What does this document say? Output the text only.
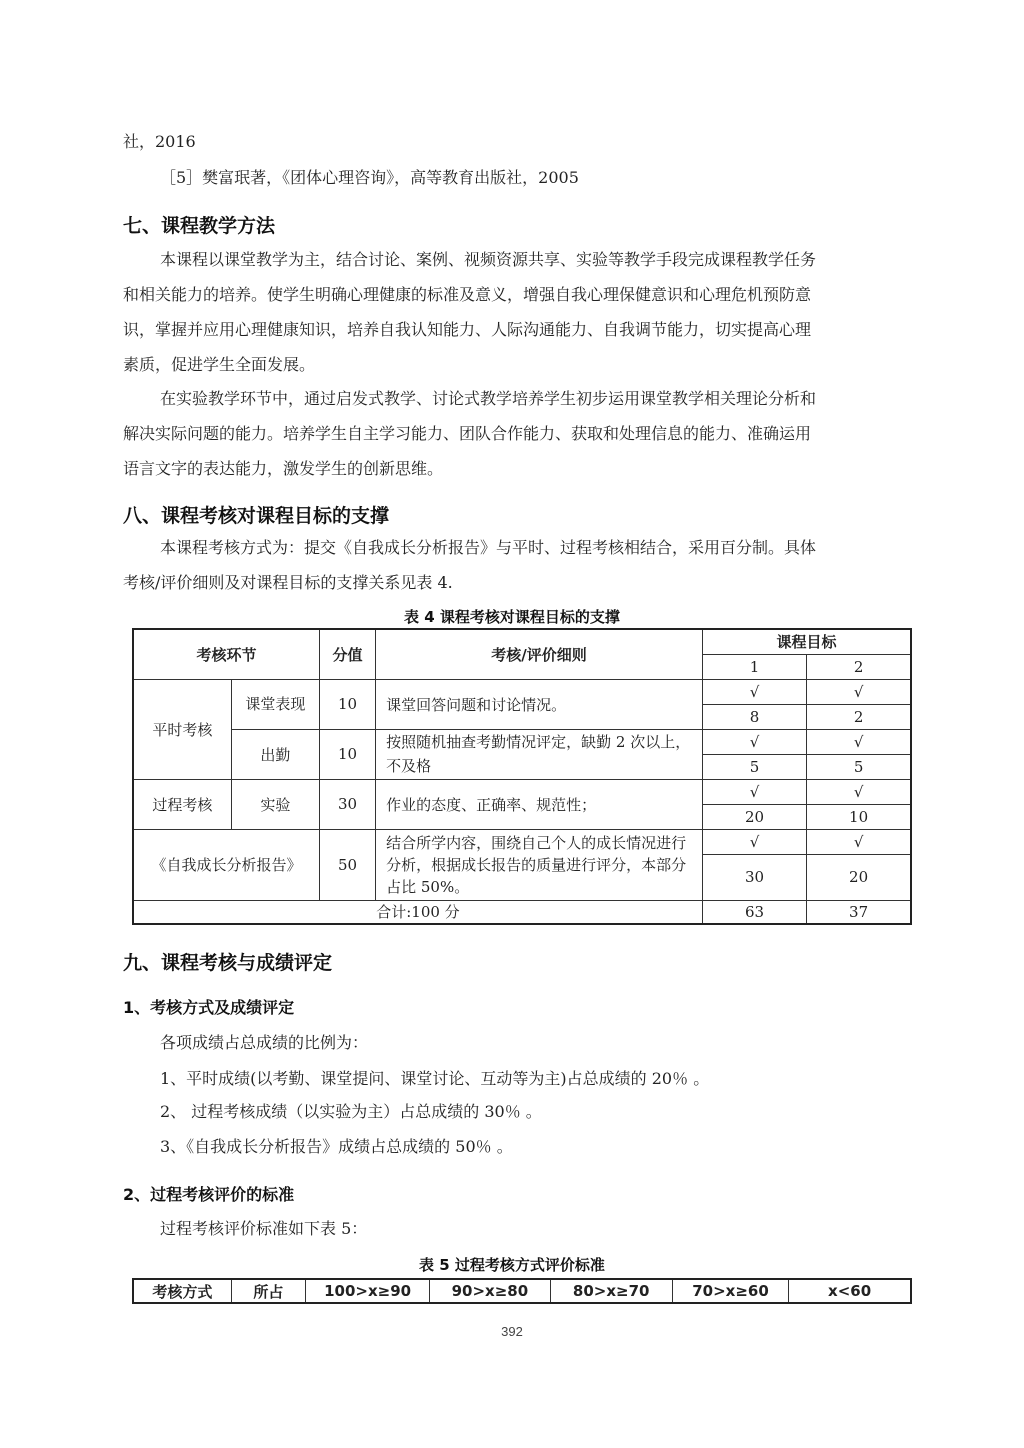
社，2016
［5］樊富珉著，《团体心理咨询》，高等教育出版社，2005
七、课程教学方法
本课程以课堂教学为主，结合讨论、案例、视频资源共享、实验等教学手段完成课程教学任务
和相关能力的培养。使学生明确心理健康的标准及意义，增强自我心理保健意识和心理危机预防意
识，掌握并应用心理健康知识，培养自我认知能力、人际沟通能力、自我调节能力，切实提高心理
素质，促进学生全面发展。
在实验教学环节中，通过启发式教学、讨论式教学培养学生初步运用课堂教学相关理论分析和
解决实际问题的能力。培养学生自主学习能力、团队合作能力、获取和处理信息的能力、准确运用
语言文字的表达能力，激发学生的创新思维。
八、课程考核对课程目标的支撑
本课程考核方式为：提交《自我成长分析报告》与平时、过程考核相结合，采用百分制。具体
考核/评价细则及对课程目标的支撑关系见表 4.
表 4 课程考核对课程目标的支撑
考核环节		分值	考核/评价细则	课程目标	
				1	2
平时考核	课堂表现	10	课堂回答问题和讨论情况。	√	√
				8	2
	出勤	10	按照随机抽查考勤情况评定，缺勤 2 次以上，不及格	√	√
				5	5
过程考核	实验	30	作业的态度、正确率、规范性；	√	√
				20	10
《自我成长分析报告》		50	结合所学内容，围绕自己个人的成长情况进行分析，根据成长报告的质量进行评分，本部分占比 50%。	√	√
				30	20
合计:100 分				63	37
九、课程考核与成绩评定
1、考核方式及成绩评定
各项成绩占总成绩的比例为：
1、平时成绩(以考勤、课堂提问、课堂讨论、互动等为主)占总成绩的 20％ 。
2、 过程考核成绩（以实验为主）占总成绩的 30％ 。
3、《自我成长分析报告》成绩占总成绩的 50％ 。
2、过程考核评价的标准
过程考核评价标准如下表 5：
表 5 过程考核方式评价标准
考核方式	所占	100>x≥90	90>x≥80	80>x≥70	70>x≥60	x<60
392
